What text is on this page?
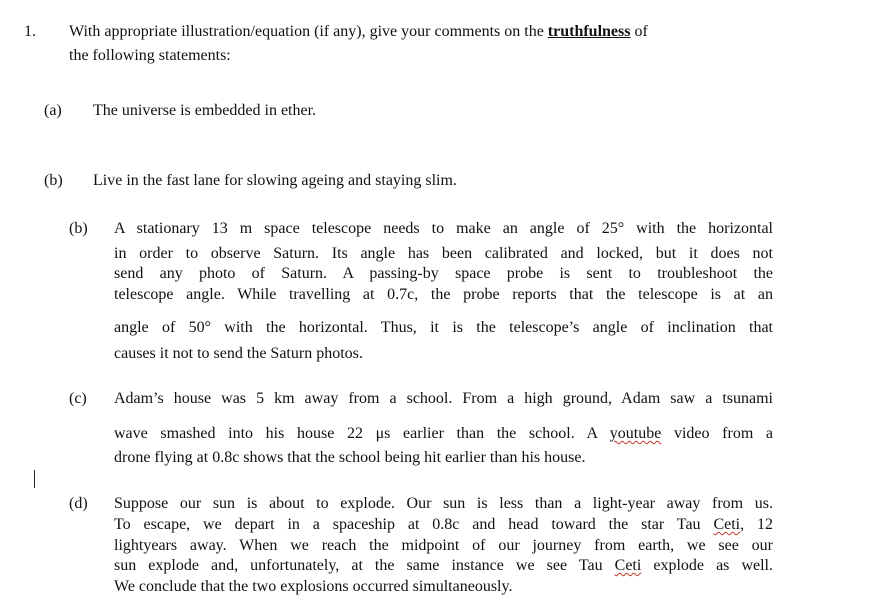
1. With appropriate illustration/equation (if any), give your comments on the truthfulness of
the following statements:
(a) The universe is embedded in ether.
(b) Live in the fast lane for slowing ageing and staying slim.
(b) A stationary 13 m space telescope needs to make an angle of 25° with the horizontal
in order to observe Saturn. Its angle has been calibrated and locked, but it does not
send any photo of Saturn. A passing-by space probe is sent to troubleshoot the
telescope angle. While travelling at 0.7c, the probe reports that the telescope is at an
angle of 50° with the horizontal. Thus, it is the telescope’s angle of inclination that
causes it not to send the Saturn photos.
(c) Adam’s house was 5 km away from a school. From a high ground, Adam saw a tsunami
wave smashed into his house 22 μs earlier than the school. A youtube video from a
drone flying at 0.8c shows that the school being hit earlier than his house.
(d) Suppose our sun is about to explode. Our sun is less than a light-year away from us.
To escape, we depart in a spaceship at 0.8c and head toward the star Tau Ceti, 12
lightyears away. When we reach the midpoint of our journey from earth, we see our
sun explode and, unfortunately, at the same instance we see Tau Ceti explode as well.
We conclude that the two explosions occurred simultaneously.
